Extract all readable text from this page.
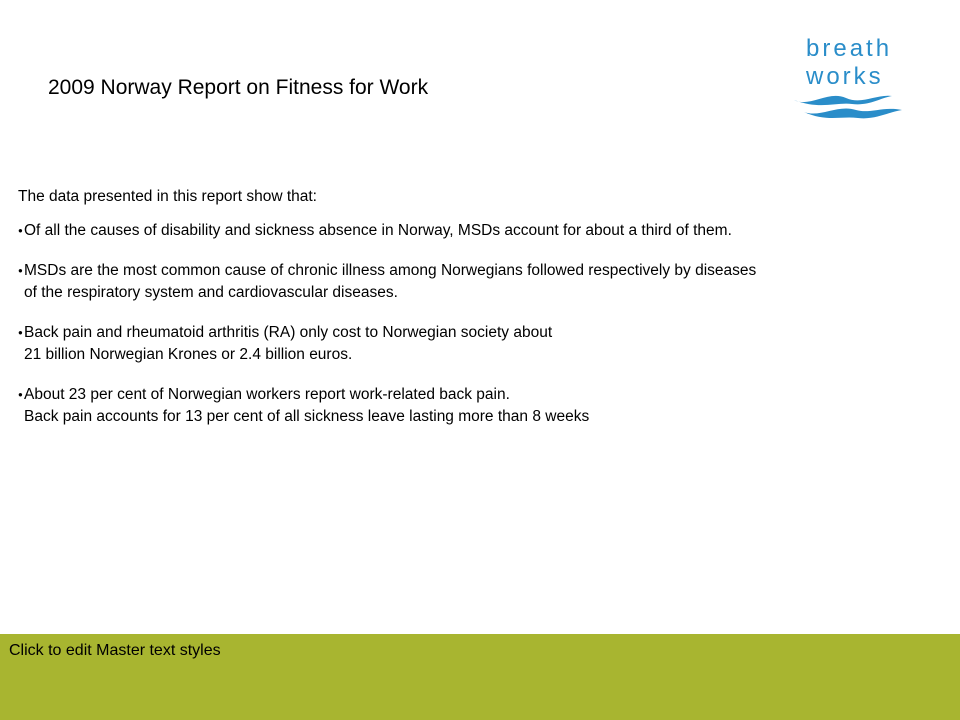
2009 Norway Report on Fitness for Work
breath
works

The data presented in this report show that:

● Of all the causes of disability and sickness absence in Norway, MSDs account for about a third of them.
● MSDs are the most common cause of chronic illness among Norwegians followed respectively by diseases
of the respiratory system and cardiovascular diseases.
● Back pain and rheumatoid arthritis (RA) only cost to Norwegian society about
21 billion Norwegian Krones or 2.4 billion euros.
● About 23 per cent of Norwegian workers report work-related back pain.
Back pain accounts for 13 per cent of all sickness leave lasting more than 8 weeks
Click to edit Master text styles
